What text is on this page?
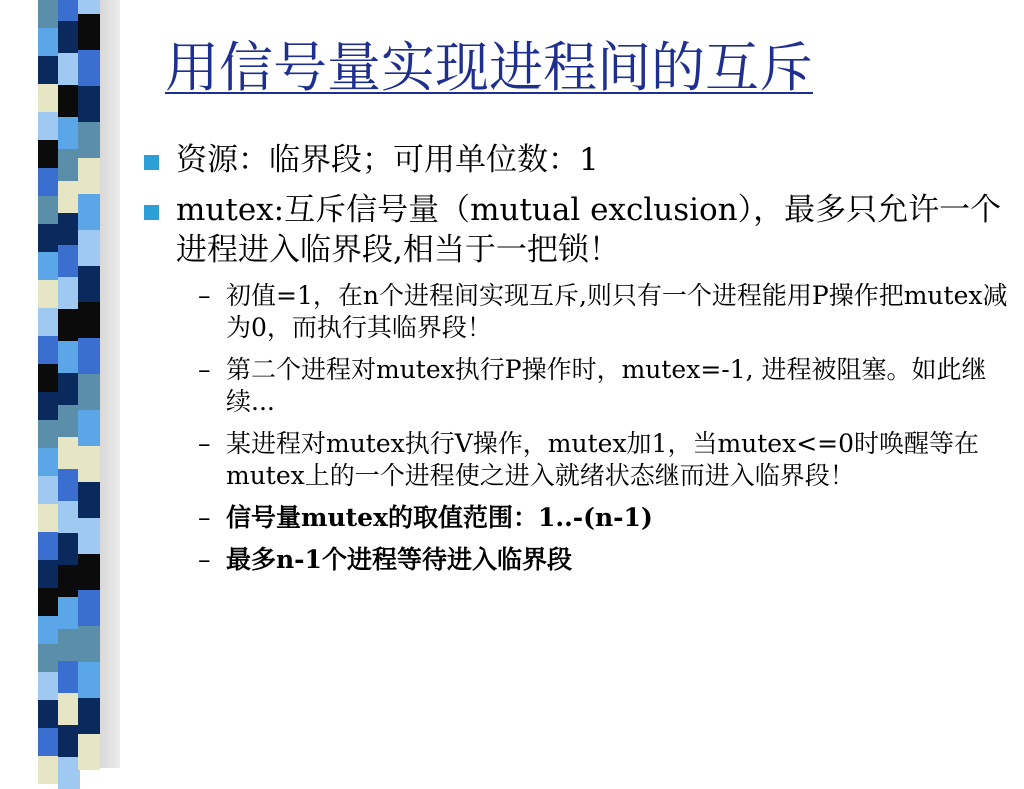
用信号量实现进程间的互斥
资源：临界段；可用单位数：1
mutex:互斥信号量（mutual exclusion），最多只允许一个进程进入临界段,相当于一把锁！
– 初值=1，在n个进程间实现互斥,则只有一个进程能用P操作把mutex减为0，而执行其临界段！
– 第二个进程对mutex执行P操作时，mutex=-1, 进程被阻塞。如此继续...
– 某进程对mutex执行V操作，mutex加1，当mutex<=0时唤醒等在mutex上的一个进程使之进入就绪状态继而进入临界段！
– 信号量mutex的取值范围：1..-(n-1)
– 最多n-1个进程等待进入临界段
